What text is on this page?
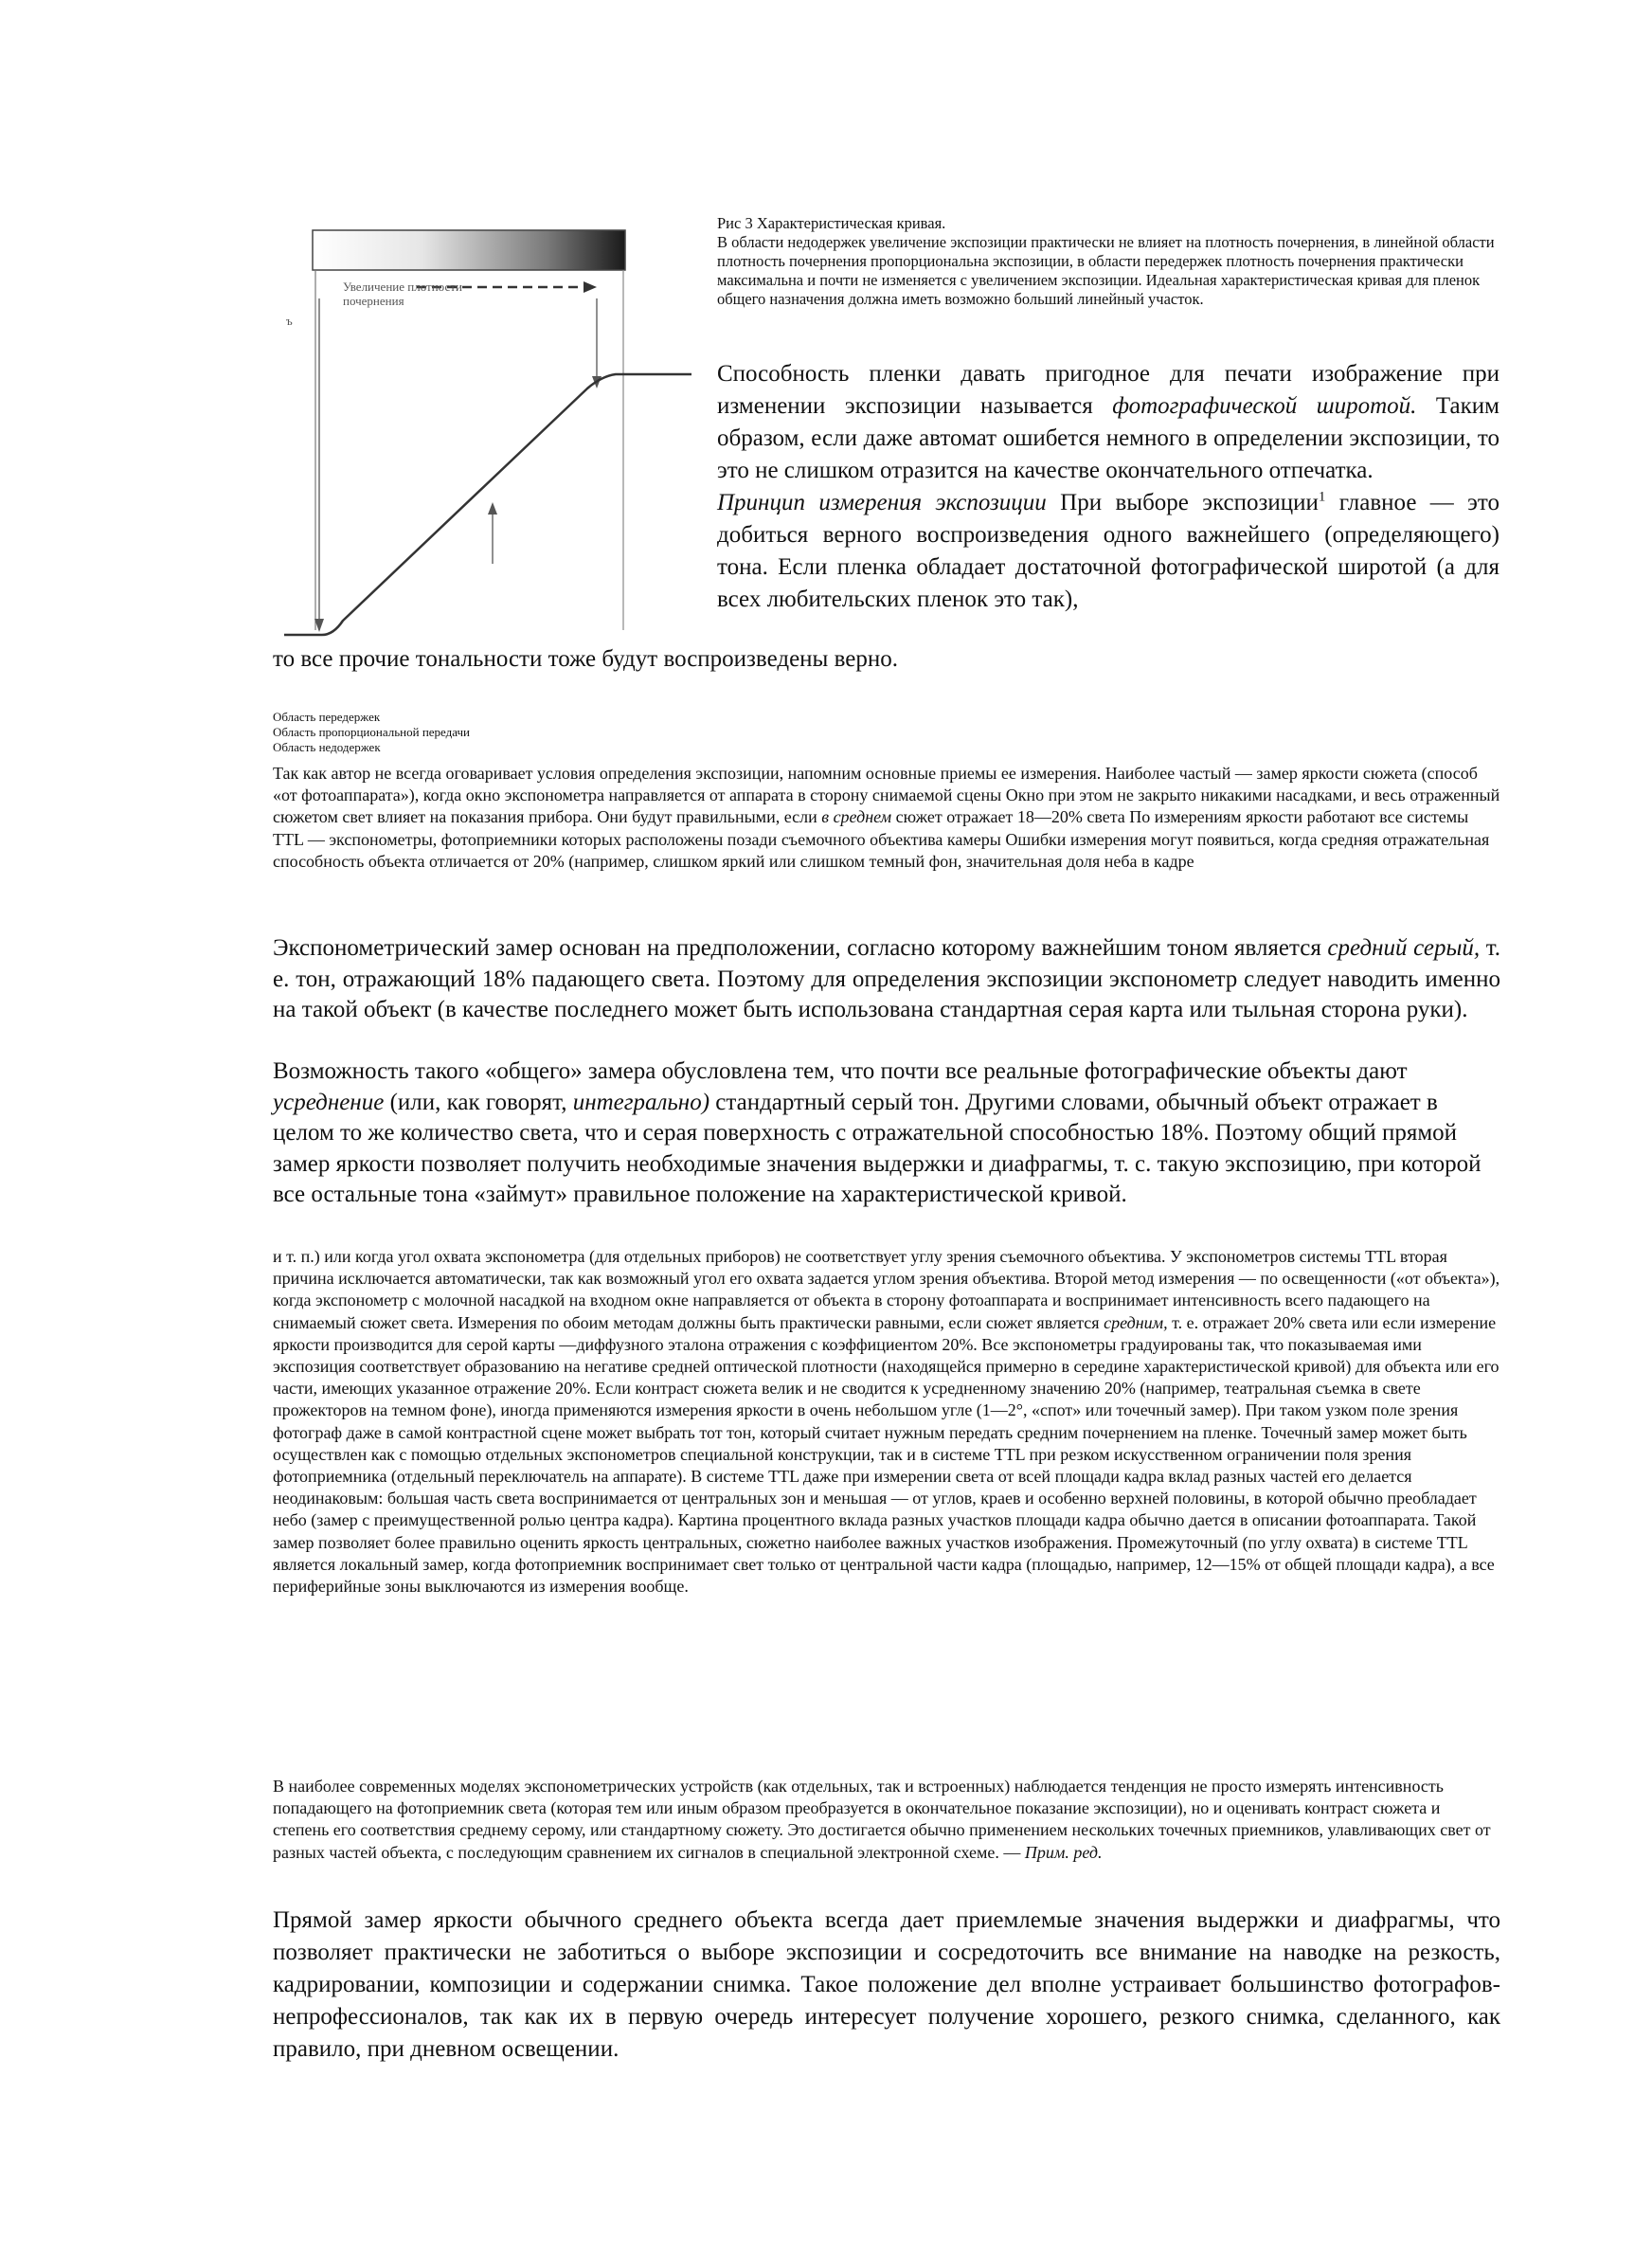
Увеличение плотности
почернения
ъ

Рис 3 Характеристическая кривая.

В области недодержек увеличение экспозиции практически не влияет на плотность почернения, в линейной области плотность почернения пропорциональна экспозиции, в области передержек плотность почернения практически максимальна и почти не изменяется с увеличением экспозиции. Идеальная характеристическая кривая для пленок общего назначения должна иметь возможно больший линейный участок.

Способность пленки давать пригодное для печати изображение при изменении экспозиции называется фотографической широтой. Таким образом, если даже автомат ошибется немного в определении экспозиции, то это не слишком отразится на качестве окончательного отпечатка.

Принцип измерения экспозиции При выборе экспозиции$^1$ главное — это добиться верного воспроизведения одного важнейшего (определяющего) тона. Если пленка обладает достаточной фотографической широтой (а для всех любительских пленок это так),

то все прочие тональности тоже будут воспроизведены верно.
Область передержек
Область пропорциональной передачи
Область недодержек

Так как автор не всегда оговаривает условия определения экспозиции, напомним основные приемы ее измерения. Наиболее частый — замер яркости сюжета (способ «от фотоаппарата»), когда окно экспонометра направляется от аппарата в сторону снимаемой сцены Окно при этом не закрыто никакими насадками, и весь отраженный сюжетом свет влияет на показания прибора. Они будут правильными, если в среднем сюжет отражает 18—20% света По измерениям яркости работают все системы TTL — экспонометры, фотоприемники которых расположены позади съемочного объектива камеры Ошибки измерения могут появиться, когда средняя отражательная способность объекта отличается от 20% (например, слишком яркий или слишком темный фон, значительная доля неба в кадре

Экспонометрический замер основан на предположении, согласно которому важнейшим тоном является средний серый, т. е. тон, отражающий 18% падающего света. Поэтому для определения экспозиции экспонометр следует наводить именно на такой объект (в качестве последнего может быть использована стандартная серая карта или тыльная сторона руки).

Возможность такого «общего» замера обусловлена тем, что почти все реальные фотографические объекты дают усреднение (или, как говорят, интегрально) стандартный серый тон. Другими словами, обычный объект отражает в целом то же количество света, что и серая поверхность с отражательной способностью 18%. Поэтому общий прямой замер яркости позволяет получить необходимые значения выдержки и диафрагмы, т. с. такую экспозицию, при которой все остальные тона «займут» правильное положение на характеристической кривой.

и т. п.) или когда угол охвата экспонометра (для отдельных приборов) не соответствует углу зрения съемочного объектива. У экспонометров системы TTL вторая причина исключается автоматически, так как возможный угол его охвата задается углом зрения объектива. Второй метод измерения — по освещенности («от объекта»), когда экспонометр с молочной насадкой на входном окне направляется от объекта в сторону фотоаппарата и воспринимает интенсивность всего падающего на снимаемый сюжет света. Измерения по обоим методам должны быть практически равными, если сюжет является средним, т. е. отражает 20% света или если измерение яркости производится для серой карты —диффузного эталона отражения с коэффициентом 20%. Все экспонометры градуированы так, что показываемая ими экспозиция соответствует образованию на негативе средней оптической плотности (находящейся примерно в середине характеристической кривой) для объекта или его части, имеющих указанное отражение 20%. Если контраст сюжета велик и не сводится к усредненному значению 20% (например, театральная съемка в свете прожекторов на темном фоне), иногда применяются измерения яркости в очень небольшом угле (1—2°, «спот» или точечный замер). При таком узком поле зрения фотограф даже в самой контрастной сцене может выбрать тот тон, который считает нужным передать средним почернением на пленке. Точечный замер может быть осуществлен как с помощью отдельных экспонометров специальной конструкции, так и в системе TTL при резком искусственном ограничении поля зрения фотоприемника (отдельный переключатель на аппарате). В системе TTL даже при измерении света от всей площади кадра вклад разных частей его делается неодинаковым: большая часть света воспринимается от центральных зон и меньшая — от углов, краев и особенно верхней половины, в которой обычно преобладает небо (замер с преимущественной ролью центра кадра). Картина процентного вклада разных участков площади кадра обычно дается в описании фотоаппарата. Такой замер позволяет более правильно оценить яркость центральных, сюжетно наиболее важных участков изображения. Промежуточный (по углу охвата) в системе TTL является локальный замер, когда фотоприемник воспринимает свет только от центральной части кадра (площадью, например, 12—15% от общей площади кадра), а все периферийные зоны выключаются из измерения вообще.

В наиболее современных моделях экспонометрических устройств (как отдельных, так и встроенных) наблюдается тенденция не просто измерять интенсивность попадающего на фотоприемник света (которая тем или иным образом преобразуется в окончательное показание экспозиции), но и оценивать контраст сюжета и степень его соответствия среднему серому, или стандартному сюжету. Это достигается обычно применением нескольких точечных приемников, улавливающих свет от разных частей объекта, с последующим сравнением их сигналов в специальной электронной схеме. — Прим. ред.

Прямой замер яркости обычного среднего объекта всегда дает приемлемые значения выдержки и диафрагмы, что позволяет практически не заботиться о выборе экспозиции и сосредоточить все внимание на наводке на резкость, кадрировании, композиции и содержании снимка. Такое положение дел вполне устраивает большинство фотографов-непрофессионалов, так как их в первую очередь интересует получение хорошего, резкого снимка, сделанного, как правило, при дневном освещении.
